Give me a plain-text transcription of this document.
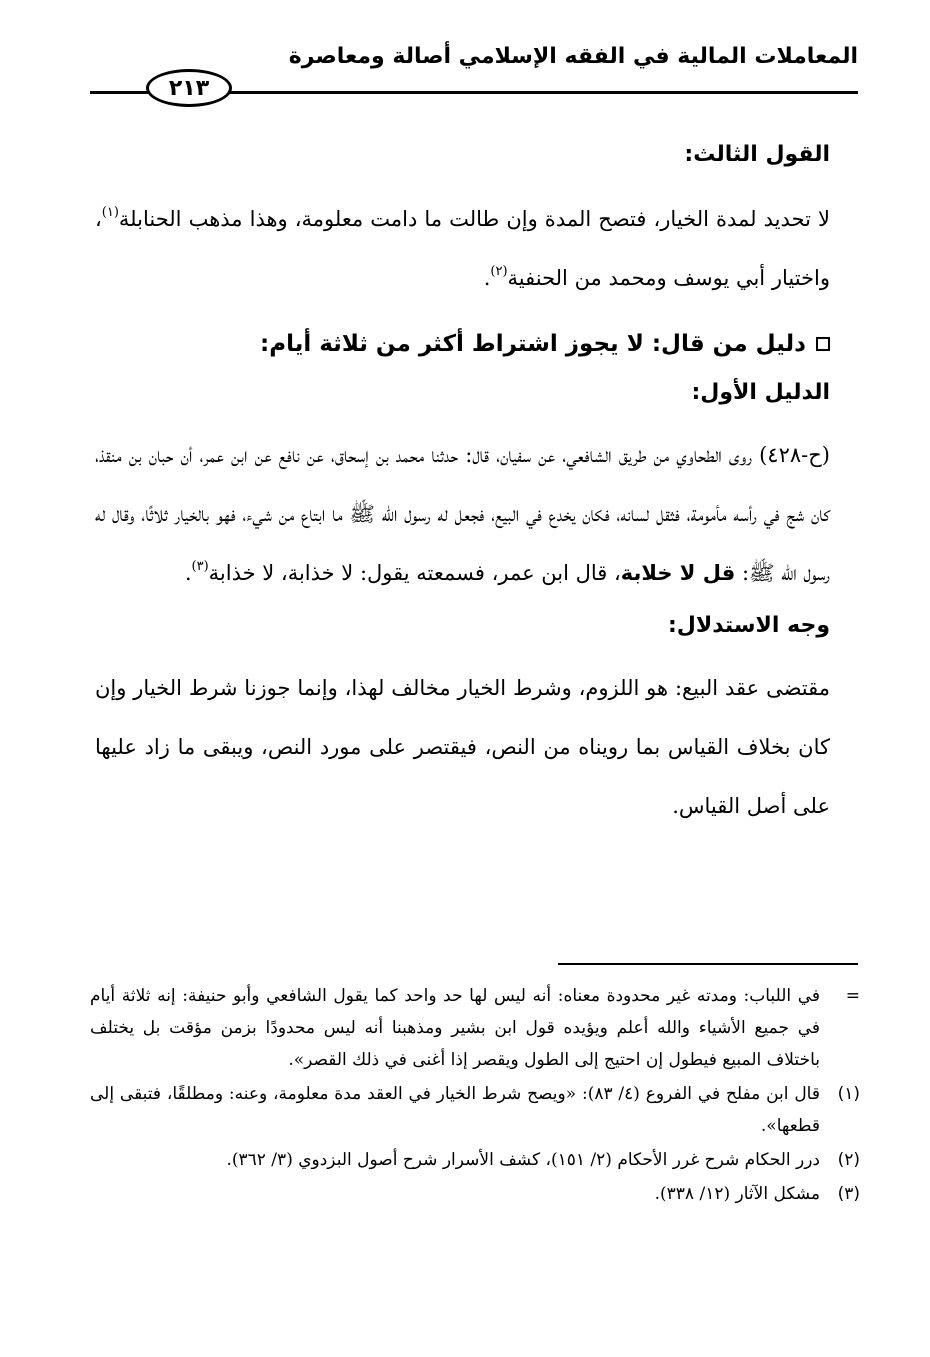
المعاملات المالية في الفقه الإسلامي أصالة ومعاصرة
٢١٣

القول الثالث:

لا تحديد لمدة الخيار، فتصح المدة وإن طالت ما دامت معلومة، وهذا مذهب الحنابلة$^{(١)}$، واختيار أبي يوسف ومحمد من الحنفية$^{(٢)}$.

دليل من قال: لا يجوز اشتراط أكثر من ثلاثة أيام:

الدليل الأول:

(ح-٤٢٨) روى الطحاوي من طريق الشافعي، عن سفيان، قال: حدثنا محمد بن إسحاق، عن نافع عن ابن عمر، أن حبان بن منقذ، كان شج في رأسه مأمومة، فثقل لسانه، فكان يخدع في البيع، فجعل له رسول الله ﷺ ما ابتاع من شيء، فهو بالخيار ثلاثًا، وقال له رسول الله ﷺ: قل لا خلابة، قال ابن عمر، فسمعته يقول: لا خذابة، لا خذابة$^{(٣)}$.

وجه الاستدلال:

مقتضى عقد البيع: هو اللزوم، وشرط الخيار مخالف لهذا، وإنما جوزنا شرط الخيار وإن كان بخلاف القياس بما رويناه من النص، فيقتصر على مورد النص، ويبقى ما زاد عليها على أصل القياس.

=
في اللباب: ومدته غير محدودة معناه: أنه ليس لها حد واحد كما يقول الشافعي وأبو حنيفة: إنه ثلاثة أيام في جميع الأشياء والله أعلم ويؤيده قول ابن بشير ومذهبنا أنه ليس محدودًا بزمن مؤقت بل يختلف باختلاف المبيع فيطول إن احتيج إلى الطول ويقصر إذا أغنى في ذلك القصر».
(١)
قال ابن مفلح في الفروع (٤/ ٨٣): «ويصح شرط الخيار في العقد مدة معلومة، وعنه: ومطلقًا، فتبقى إلى قطعها».
(٢)
درر الحكام شرح غرر الأحكام (٢/ ١٥١)، كشف الأسرار شرح أصول البزدوي (٣/ ٣٦٢).
(٣)
مشكل الآثار (١٢/ ٣٣٨).
